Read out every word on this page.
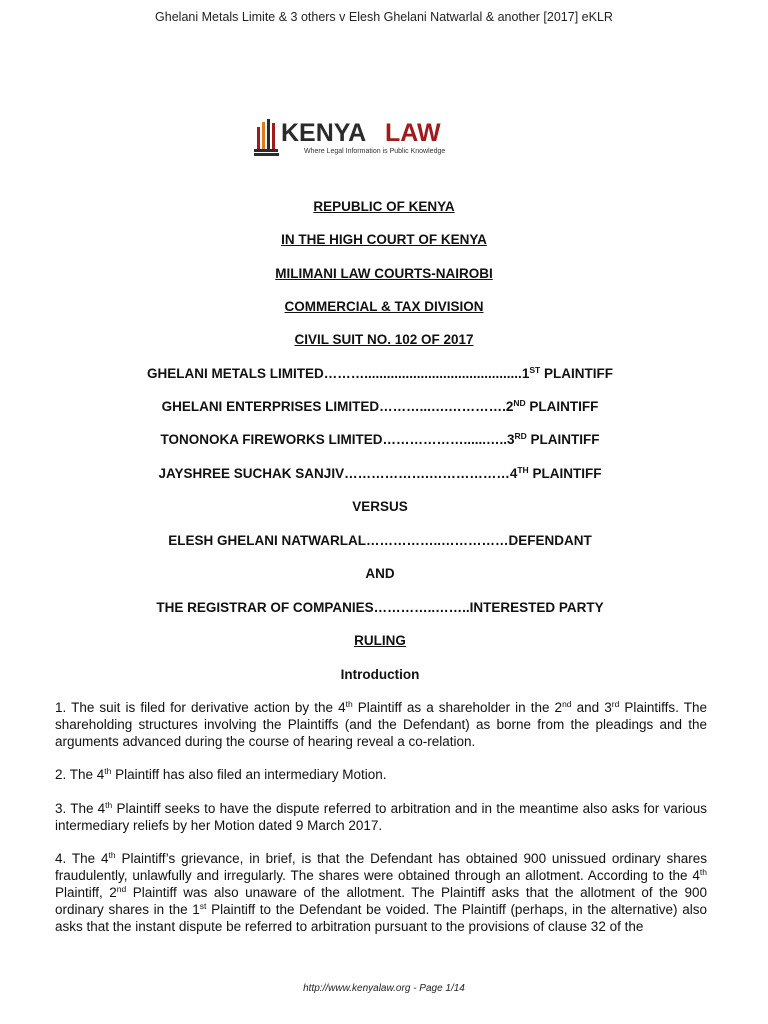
Ghelani Metals Limite & 3 others v Elesh Ghelani Natwarlal & another [2017] eKLR
KENYA LAW
Where Legal Information is Public Knowledge
REPUBLIC OF KENYA
IN THE HIGH COURT OF KENYA
MILIMANI LAW COURTS-NAIROBI
COMMERCIAL & TAX DIVISION
CIVIL SUIT NO. 102 OF 2017
GHELANI METALS LIMITED………..........................................1ST PLAINTIFF
GHELANI ENTERPRISES LIMITED………...….………….2ND PLAINTIFF
TONONOKA FIREWORKS LIMITED………………......…..3RD PLAINTIFF
JAYSHREE SUCHAK SANJIV……………….………………4TH PLAINTIFF
VERSUS
ELESH GHELANI NATWARLAL……………..……………DEFENDANT
AND
THE REGISTRAR OF COMPANIES…………..……..INTERESTED PARTY
RULING
Introduction

1. The suit is filed for derivative action by the 4th Plaintiff as a shareholder in the 2nd and 3rd Plaintiffs. The shareholding structures involving the Plaintiffs (and the Defendant) as borne from the pleadings and the arguments advanced during the course of hearing reveal a co-relation.

2. The 4th Plaintiff has also filed an intermediary Motion.

3. The 4th Plaintiff seeks to have the dispute referred to arbitration and in the meantime also asks for various intermediary reliefs by her Motion dated 9 March 2017.

4. The 4th Plaintiff’s grievance, in brief, is that the Defendant has obtained 900 unissued ordinary shares fraudulently, unlawfully and irregularly. The shares were obtained through an allotment. According to the 4th Plaintiff, 2nd Plaintiff was also unaware of the allotment. The Plaintiff asks that the allotment of the 900 ordinary shares in the 1st Plaintiff to the Defendant be voided. The Plaintiff (perhaps, in the alternative) also asks that the instant dispute be referred to arbitration pursuant to the provisions of clause 32 of the

http://www.kenyalaw.org - Page 1/14
